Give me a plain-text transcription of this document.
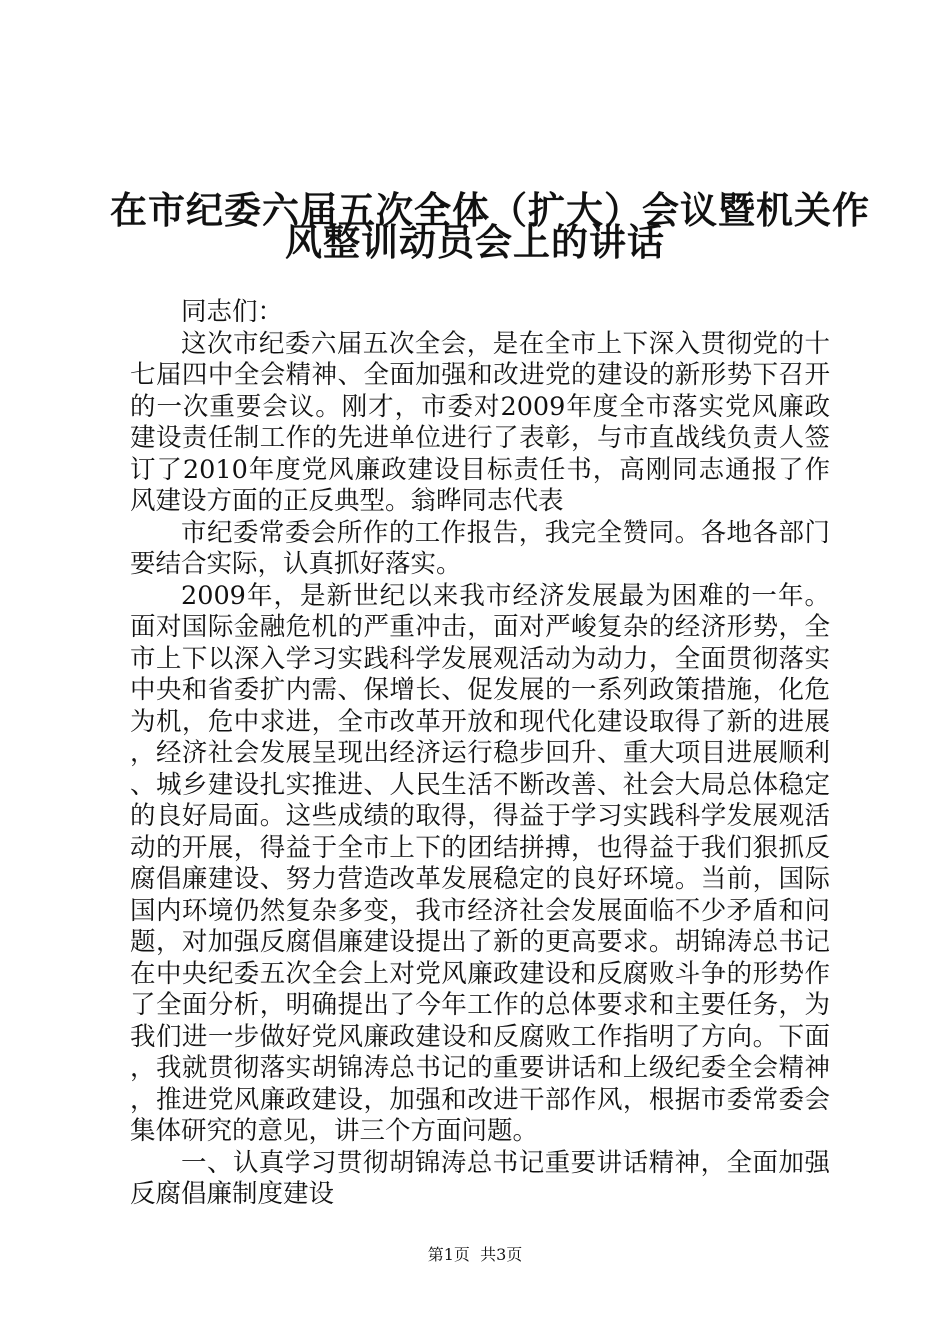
在市纪委六届五次全体（扩大）会议暨机关作
风整训动员会上的讲话

同志们：

这次市纪委六届五次全会，是在全市上下深入贯彻党的十七届四中全会精神、全面加强和改进党的建设的新形势下召开的一次重要会议。刚才，市委对2009年度全市落实党风廉政建设责任制工作的先进单位进行了表彰，与市直战线负责人签订了2010年度党风廉政建设目标责任书，高刚同志通报了作风建设方面的正反典型。翁晔同志代表

市纪委常委会所作的工作报告，我完全赞同。各地各部门要结合实际，认真抓好落实。

2009年，是新世纪以来我市经济发展最为困难的一年。面对国际金融危机的严重冲击，面对严峻复杂的经济形势，全市上下以深入学习实践科学发展观活动为动力，全面贯彻落实中央和省委扩内需、保增长、促发展的一系列政策措施，化危为机，危中求进，全市改革开放和现代化建设取得了新的进展，经济社会发展呈现出经济运行稳步回升、重大项目进展顺利、城乡建设扎实推进、人民生活不断改善、社会大局总体稳定的良好局面。这些成绩的取得，得益于学习实践科学发展观活动的开展，得益于全市上下的团结拼搏，也得益于我们狠抓反腐倡廉建设、努力营造改革发展稳定的良好环境。当前，国际国内环境仍然复杂多变，我市经济社会发展面临不少矛盾和问题，对加强反腐倡廉建设提出了新的更高要求。胡锦涛总书记在中央纪委五次全会上对党风廉政建设和反腐败斗争的形势作了全面分析，明确提出了今年工作的总体要求和主要任务，为我们进一步做好党风廉政建设和反腐败工作指明了方向。下面，我就贯彻落实胡锦涛总书记的重要讲话和上级纪委全会精神，推进党风廉政建设，加强和改进干部作风，根据市委常委会集体研究的意见，讲三个方面问题。

一、认真学习贯彻胡锦涛总书记重要讲话精神，全面加强反腐倡廉制度建设

第1页  共3页
